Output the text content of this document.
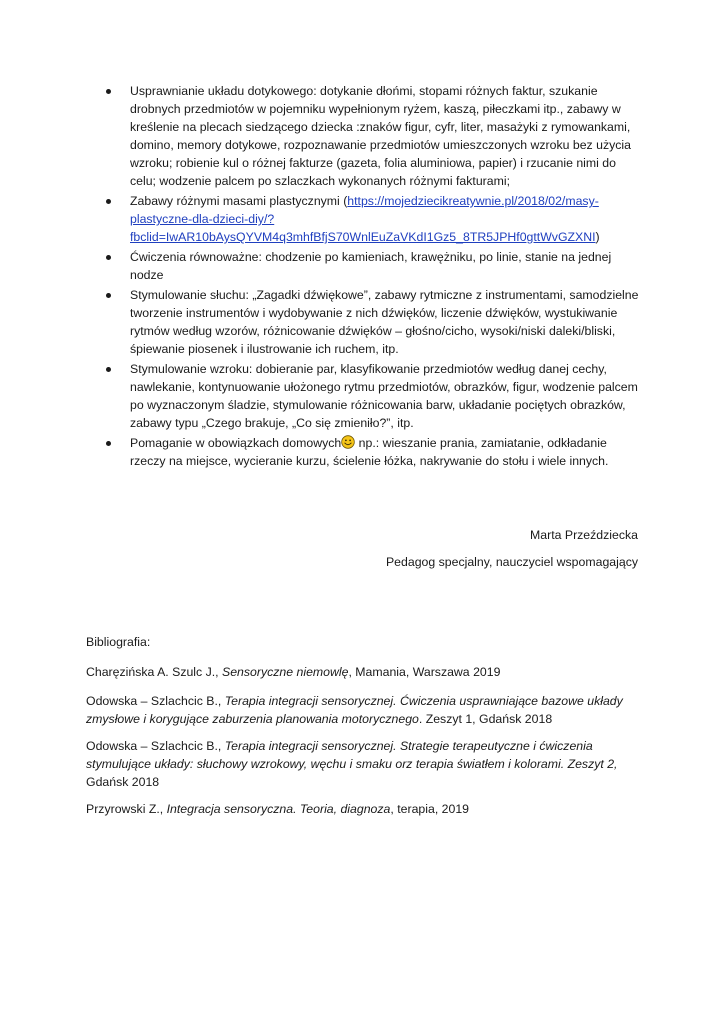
Usprawnianie układu dotykowego: dotykanie dłońmi, stopami różnych faktur, szukanie drobnych przedmiotów w pojemniku wypełnionym ryżem, kaszą, piłeczkami itp., zabawy w kreślenie na plecach siedzącego dziecka :znaków figur, cyfr, liter, masażyki z rymowankami, domino, memory dotykowe, rozpoznawanie przedmiotów umieszczonych wzroku bez użycia wzroku; robienie kul o różnej fakturze (gazeta, folia aluminiowa, papier) i rzucanie nimi do celu; wodzenie palcem po szlaczkach wykonanych różnymi fakturami;
Zabawy różnymi masami plastycznymi (https://mojedziecikreatywnie.pl/2018/02/masy-plastyczne-dla-dzieci-diy/?fbclid=IwAR10bAysQYVM4q3mhfBfjS70WnlEuZaVKdI1Gz5_8TR5JPHf0gttWvGZXNI)
Ćwiczenia równoważne: chodzenie po kamieniach, krawężniku, po linie, stanie na jednej nodze
Stymulowanie słuchu: „Zagadki dźwiękowe”, zabawy rytmiczne z instrumentami, samodzielne tworzenie instrumentów i wydobywanie z nich dźwięków, liczenie dźwięków, wystukiwanie rytmów według wzorów, różnicowanie dźwięków – głośno/cicho, wysoki/niski daleki/bliski, śpiewanie piosenek i ilustrowanie ich ruchem, itp.
Stymulowanie wzroku: dobieranie par, klasyfikowanie przedmiotów według danej cechy, nawlekanie, kontynuowanie ułożonego rytmu przedmiotów, obrazków, figur, wodzenie palcem po wyznaczonym śladzie, stymulowanie różnicowania barw, układanie pociętych obrazków, zabawy typu „Czego brakuje, „Co się zmieniło?”, itp.
Pomaganie w obowiązkach domowych np.: wieszanie prania, zamiatanie, odkładanie rzeczy na miejsce, wycieranie kurzu, ścielenie łóżka, nakrywanie do stołu i wiele innych.
Marta Przeździecka
Pedagog specjalny, nauczyciel wspomagający
Bibliografia:
Charęzińska A. Szulc J., Sensoryczne niemowlę, Mamania, Warszawa 2019
Odowska – Szlachcic B., Terapia integracji sensorycznej. Ćwiczenia usprawniające bazowe układy zmysłowe i korygujące zaburzenia planowania motorycznego. Zeszyt 1, Gdańsk 2018
Odowska – Szlachcic B., Terapia integracji sensorycznej. Strategie terapeutyczne i ćwiczenia stymulujące układy: słuchowy wzrokowy, węchu i smaku orz terapia światłem i kolorami. Zeszyt 2, Gdańsk 2018
Przyrowski Z., Integracja sensoryczna. Teoria, diagnoza, terapia, 2019
